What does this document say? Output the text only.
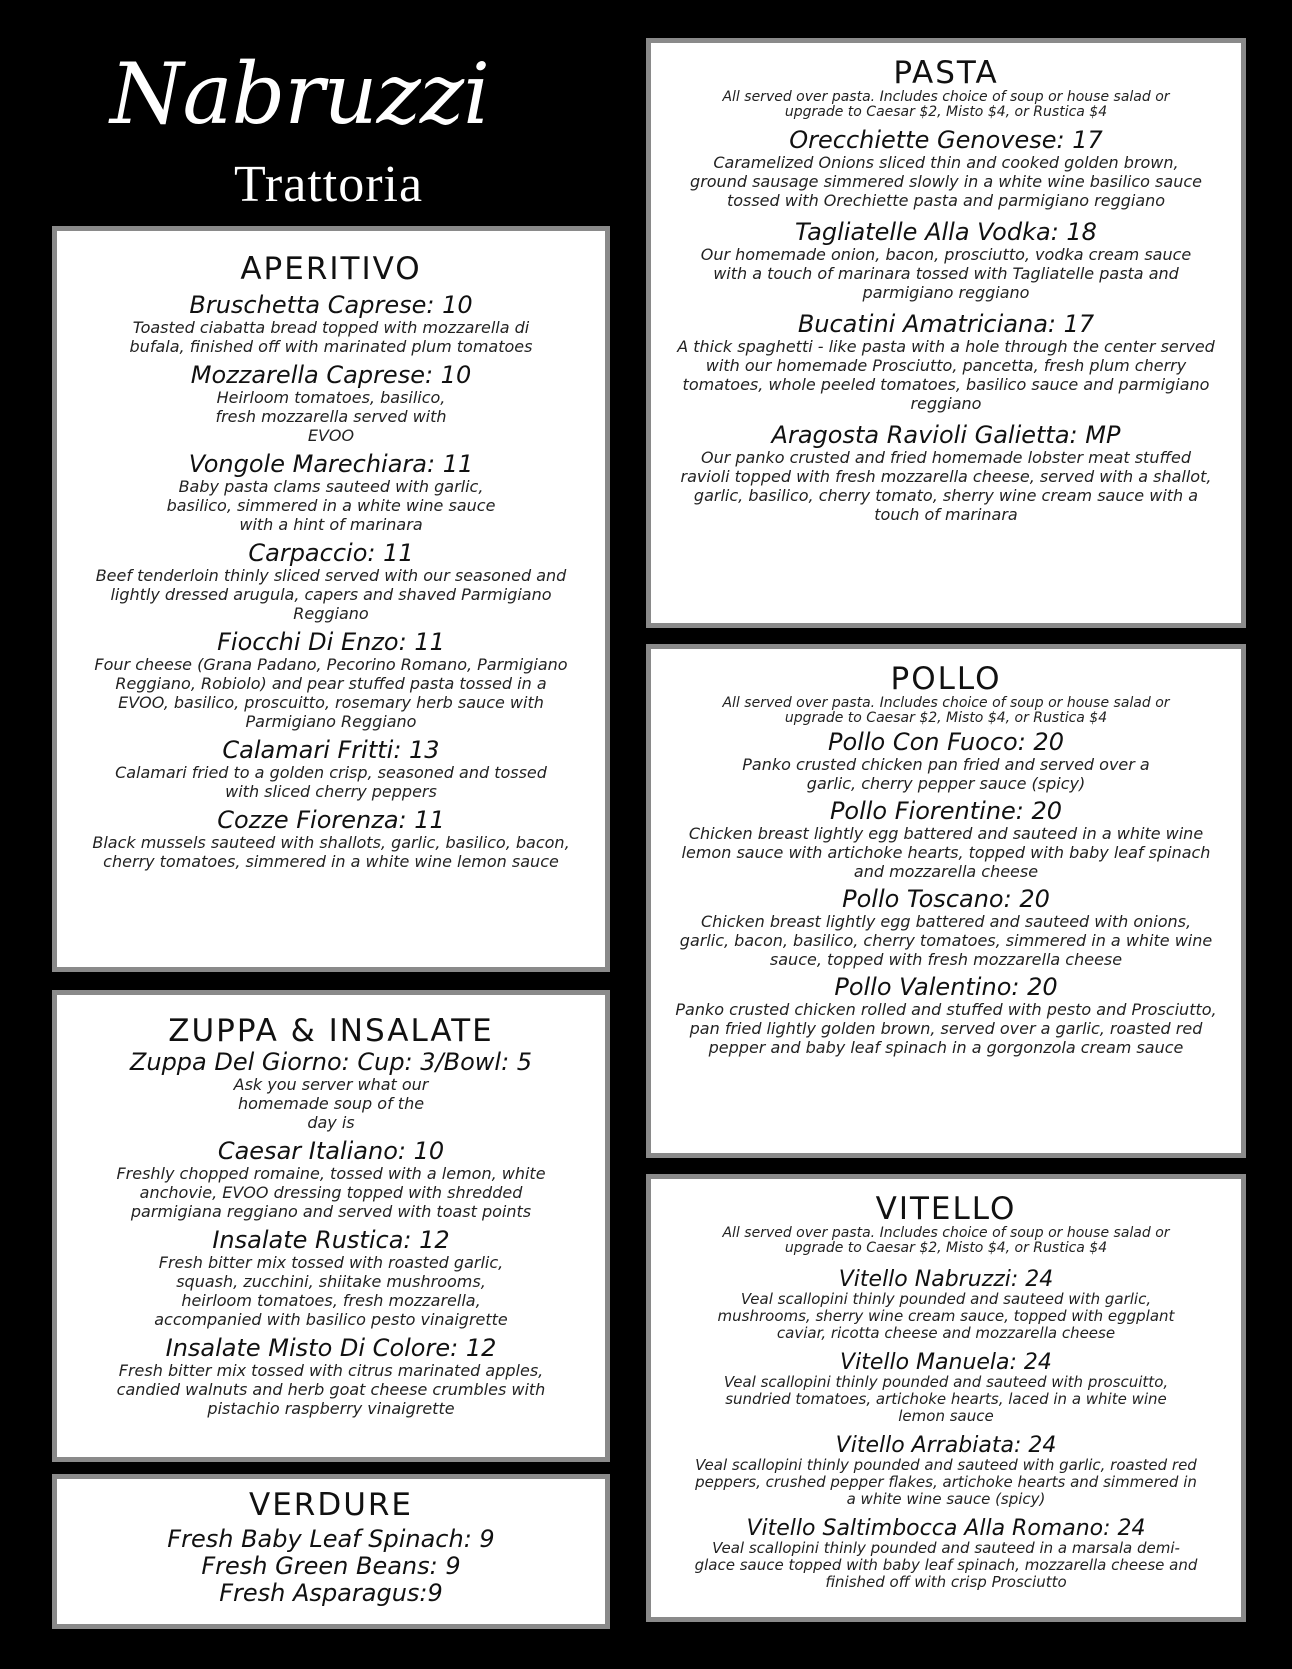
Nabruzzi
Trattoria
APERITIVO
Bruschetta Caprese: 10
Toasted ciabatta bread topped with mozzarella di bufala, finished off with marinated plum tomatoes
Mozzarella Caprese: 10
Heirloom tomatoes, basilico, fresh mozzarella served with EVOO
Vongole Marechiara: 11
Baby pasta clams sauteed with garlic, basilico, simmered in a white wine sauce with a hint of marinara
Carpaccio: 11
Beef tenderloin thinly sliced served with our seasoned and lightly dressed arugula, capers and shaved Parmigiano Reggiano
Fiocchi Di Enzo: 11
Four cheese (Grana Padano, Pecorino Romano, Parmigiano Reggiano, Robiolo) and pear stuffed pasta tossed in a EVOO, basilico, proscuitto, rosemary herb sauce with Parmigiano Reggiano
Calamari Fritti: 13
Calamari fried to a golden crisp, seasoned and tossed with sliced cherry peppers
Cozze Fiorenza: 11
Black mussels sauteed with shallots, garlic, basilico, bacon, cherry tomatoes, simmered in a white wine lemon sauce
ZUPPA & INSALATE
Zuppa Del Giorno: Cup: 3/Bowl: 5
Ask you server what our homemade soup of the day is
Caesar Italiano: 10
Freshly chopped romaine, tossed with a lemon, white anchovie, EVOO dressing topped with shredded parmigiana reggiano and served with toast points
Insalate Rustica: 12
Fresh bitter mix tossed with roasted garlic, squash, zucchini, shiitake mushrooms, heirloom tomatoes, fresh mozzarella, accompanied with basilico pesto vinaigrette
Insalate Misto Di Colore: 12
Fresh bitter mix tossed with citrus marinated apples, candied walnuts and herb goat cheese crumbles with pistachio raspberry vinaigrette
VERDURE
Fresh Baby Leaf Spinach: 9
Fresh Green Beans: 9
Fresh Asparagus:9
PASTA
All served over pasta. Includes choice of soup or house salad or upgrade to Caesar $2, Misto $4, or Rustica $4
Orecchiette Genovese: 17
Caramelized Onions sliced thin and cooked golden brown, ground sausage simmered slowly in a white wine basilico sauce tossed with Orechiette pasta and parmigiano reggiano
Tagliatelle Alla Vodka: 18
Our homemade onion, bacon, prosciutto, vodka cream sauce with a touch of marinara tossed with Tagliatelle pasta and parmigiano reggiano
Bucatini Amatriciana: 17
A thick spaghetti - like pasta with a hole through the center served with our homemade Prosciutto, pancetta, fresh plum cherry tomatoes, whole peeled tomatoes, basilico sauce and parmigiano reggiano
Aragosta Ravioli Galietta: MP
Our panko crusted and fried homemade lobster meat stuffed ravioli topped with fresh mozzarella cheese, served with a shallot, garlic, basilico, cherry tomato, sherry wine cream sauce with a touch of marinara
POLLO
All served over pasta. Includes choice of soup or house salad or upgrade to Caesar $2, Misto $4, or Rustica $4
Pollo Con Fuoco: 20
Panko crusted chicken pan fried and served over a garlic, cherry pepper sauce (spicy)
Pollo Fiorentine: 20
Chicken breast lightly egg battered and sauteed in a white wine lemon sauce with artichoke hearts, topped with baby leaf spinach and mozzarella cheese
Pollo Toscano: 20
Chicken breast lightly egg battered and sauteed with onions, garlic, bacon, basilico, cherry tomatoes, simmered in a white wine sauce, topped with fresh mozzarella cheese
Pollo Valentino: 20
Panko crusted chicken rolled and stuffed with pesto and Prosciutto, pan fried lightly golden brown, served over a garlic, roasted red pepper and baby leaf spinach in a gorgonzola cream sauce
VITELLO
All served over pasta. Includes choice of soup or house salad or upgrade to Caesar $2, Misto $4, or Rustica $4
Vitello Nabruzzi: 24
Veal scallopini thinly pounded and sauteed with garlic, mushrooms, sherry wine cream sauce, topped with eggplant caviar, ricotta cheese and mozzarella cheese
Vitello Manuela: 24
Veal scallopini thinly pounded and sauteed with proscuitto, sundried tomatoes, artichoke hearts, laced in a white wine lemon sauce
Vitello Arrabiata: 24
Veal scallopini thinly pounded and sauteed with garlic, roasted red peppers, crushed pepper flakes, artichoke hearts and simmered in a white wine sauce (spicy)
Vitello Saltimbocca Alla Romano: 24
Veal scallopini thinly pounded and sauteed in a marsala demi-glace sauce topped with baby leaf spinach, mozzarella cheese and finished off with crisp Prosciutto
